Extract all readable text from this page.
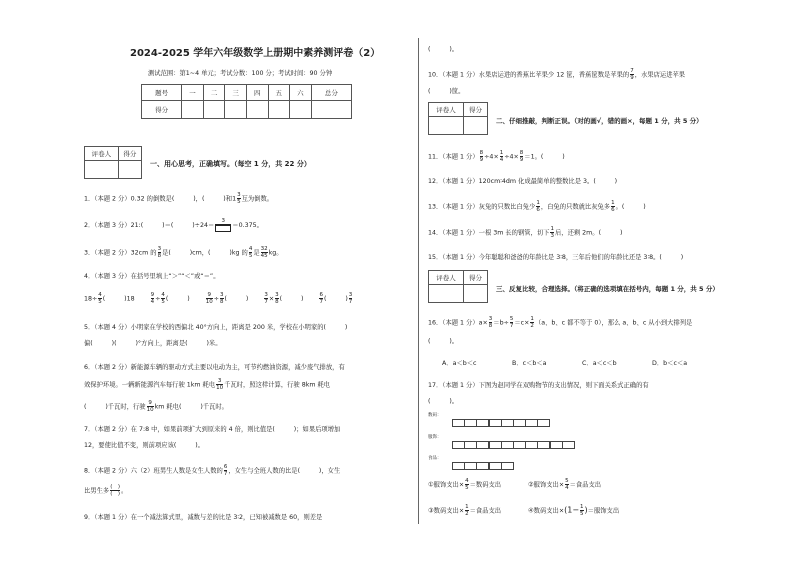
2024-2025 学年六年级数学上册期中素养测评卷（2）
测试范围：第1~4 单元；考试分数：100 分；考试时间：90 分钟
题号	一	二	三	四	五	六	总分
得分							
评卷人	得分

一、用心思考，正确填写。（每空 1 分，共 22 分）
1．（本题 2 分）0.32 的倒数是(　　　)，(　　　)和$1 \frac{3}{5}$ 互为倒数。
2．（本题 3 分）21:(　　　)＝(　　　)÷24＝
3
＝0.375。
3．（本题 2 分）32cm 的 $\frac{3}{8}$ 是(　　　)cm，(　　　)kg 的 $\frac{4}{5}$ 是 $\frac{32}{45}$ kg。
4．（本题 3 分）在括号里填上“＞”“＜”或“＝”。
$18\div \frac{4}{5}$ (　　　)18	$\frac{9}{4} \div \frac{4}{5}$ (　　　)	$\frac{9}{10} \div \frac{3}{8}$ (　　　)	$\frac{3}{7} \times \frac{3}{8}$ (　　　)	$\frac{6}{7}$ (　　　) $\frac{3}{7}$
5．（本题 4 分）小明家在学校的西偏北 40°方向上，距离是 200 米，学校在小明家的(　　　)
偏(　　　)(　　　)°方向上，距离是(　　　)米。
6．（本题 2 分）新能源车辆的驱动方式主要以电动为主，可节约燃油资源，减少废气排放，有
效保护环境。一辆新能源汽车每行驶 1km 耗电 $\frac{3}{10}$ 千瓦时，照这样计算，行驶 8km 耗电
(　　　)千瓦时，行驶 $\frac{9}{10}$ km 耗电(　　　)千瓦时。
7．（本题 2 分）在 7:8 中，如果前项扩大到原来的 4 倍，则比值是(　　　)；如果后项增加
12，要使比值不变，则前项应该(　　　)。
8．（本题 2 分）六（2）班男生人数是女生人数的 $\frac{6}{7}$ ，女生与全班人数的比是(　　　)，女生
比男生多 $\frac{( )}{( )}$ 。
9．（本题 1 分）在一个减法算式里，减数与差的比是 3∶2，已知被减数是 60，则差是
(　　　)。
10．（本题 1 分）水果店运进的香蕉比苹果少 12 筐，香蕉筐数是苹果的 $\frac{7}{9}$ ，水果店运进苹果
(　　　)筐。
评卷人	得分

二、仔细推敲，判断正误。（对的画√，错的画×，每题 1 分，共 5 分）
11．（本题 1 分） $\frac{8}{9} \div 4\times \frac{1}{4} \div 4\times \frac{8}{9} =1$。(　　　)
12．（本题 1 分）120cm∶4dm 化成最简单的整数比是 3。(　　　)
13．（本题 1 分）灰兔的只数比白兔少 $\frac{1}{6}$ ，白兔的只数就比灰兔多 $\frac{1}{6}$ 。(　　　)
14．（本题 1 分）一根 3m 长的钢管，切下 $\frac{1}{3}$ 后，还剩 2m。(　　　)
15．（本题 1 分）今年聪聪和爸爸的年龄比是 3∶8，三年后他们的年龄比还是 3∶8。(　　　)
评卷人	得分

三、反复比较，合理选择。（将正确的选项填在括号内，每题 1 分，共 5 分）
16．（本题 1 分）$a\times \frac{3}{8} =b\div \frac{5}{7} =c\times \frac{1}{2} (a$、b、c 都不等于 0），那么 a、b、c 从小到大排列是
(　　　)。
A．a＜b＜c	B．c＜b＜a	C．a＜c＜b	D．b＜c＜a
17．（本题 1 分）下图为赵同学在双购物节的支出情况，则下面关系式正确的有
(　　　)。
数码：
服饰：
食品：
①服饰支出× $\frac{4}{5}$ ＝数码支出	②服饰支出× $\frac{5}{4}$ ＝食品支出
③数码支出× $\frac{1}{2}$ ＝食品支出	④数码支出$\times(1- \frac{1}{5}$ )＝服饰支出
